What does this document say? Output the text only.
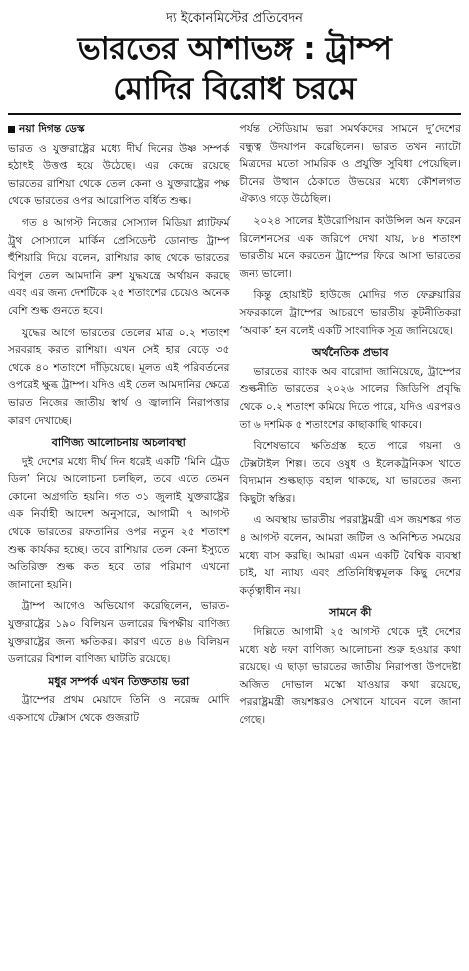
দ্য ইকোনমিস্টের প্রতিবেদন
ভারতের আশাভঙ্গ : ট্রাম্প
মোদির বিরোধ চরমে
নয়া দিগন্ত ডেস্ক

ভারত ও যুক্তরাষ্ট্রের মধ্যে দীর্ঘ দিনের উষ্ণ সম্পর্ক হঠাৎই উত্তপ্ত হয়ে উঠেছে। এর কেন্দ্রে রয়েছে ভারতের রাশিয়া থেকে তেল কেনা ও যুক্তরাষ্ট্রের পক্ষ থেকে ভারতের ওপর আরোপিত বর্ধিত শুল্ক।

গত ৪ আগস্ট নিজের সোস্যাল মিডিয়া প্ল্যাটফর্ম ট্রুথ সোস্যালে মার্কিন প্রেসিডেন্ট ডোনাল্ড ট্রাম্প হুঁশিয়ারি দিয়ে বলেন, রাশিয়ার কাছ থেকে ভারতের বিপুল তেল আমদানি রুশ যুদ্ধযন্ত্রে অর্থায়ন করছে এবং এর জন্য দেশটিকে ২৫ শতাংশের চেয়েও অনেক বেশি শুল্ক গুনতে হবে।

যুদ্ধের আগে ভারতের তেলের মাত্র ০.২ শতাংশ সরবরাহ করত রাশিয়া। এখন সেই হার বেড়ে ৩৫ থেকে ৪০ শতাংশে দাঁড়িয়েছে। মূলত এই পরিবর্তনের ওপরেই ক্ষুব্ধ ট্রাম্প। যদিও এই তেল আমদানির ক্ষেত্রে ভারত নিজের জাতীয় স্বার্থ ও জ্বালানি নিরাপত্তার কারণ দেখাচ্ছে।

বাণিজ্য আলোচনায় অচলাবস্থা

দুই দেশের মধ্যে দীর্ঘ দিন ধরেই একটি ‘মিনি ট্রেড ডিল’ নিয়ে আলোচনা চলছিল, তবে এতে তেমন কোনো অগ্রগতি হয়নি। গত ৩১ জুলাই যুক্তরাষ্ট্রের এক নির্বাহী আদেশ অনুসারে, আগামী ৭ আগস্ট থেকে ভারতের রফতানির ওপর নতুন ২৫ শতাংশ শুল্ক কার্যকর হচ্ছে। তবে রাশিয়ার তেল কেনা ইস্যুতে অতিরিক্ত শুল্ক কত হবে তার পরিমাণ এখনো জানানো হয়নি।

ট্রাম্প আগেও অভিযোগ করেছিলেন, ভারত-যুক্তরাষ্ট্রের ১৯০ বিলিয়ন ডলারের দ্বিপক্ষীয় বাণিজ্য যুক্তরাষ্ট্রের জন্য ক্ষতিকর। কারণ এতে ৪৬ বিলিয়ন ডলারের বিশাল বাণিজ্য ঘাটতি রয়েছে।

মধুর সম্পর্ক এখন তিক্ততায় ভরা

ট্রাম্পের প্রথম মেয়াদে তিনি ও নরেন্দ্র মোদি একসাথে টেক্সাস থেকে গুজরাট

পর্যন্ত স্টেডিয়াম ভরা সমর্থকদের সামনে দু’দেশের বন্ধুত্ব উদযাপন করেছিলেন। ভারত তখন ন্যাটো মিত্রদের মতো সামরিক ও প্রযুক্তি সুবিধা পেয়েছিল। চীনের উত্থান ঠেকাতে উভয়ের মধ্যে কৌশলগত ঐক্যও গড়ে উঠেছিল।

২০২৪ সালের ইউরোপিয়ান কাউন্সিল অন ফরেন রিলেশনসের এক জরিপে দেখা যায়, ৮৪ শতাংশ ভারতীয় মনে করতেন ট্রাম্পের ফিরে আসা ভারতের জন্য ভালো।

কিন্তু হোয়াইট হাউজে মোদির গত ফেব্রুয়ারির সফরকালে ট্রাম্পের আচরণে ভারতীয় কূটনীতিকরা ‘অবাক’ হন বলেই একটি সাংবাদিক সূত্র জানিয়েছে।

অর্থনৈতিক প্রভাব

ভারতের ব্যাংক অব বারোদা জানিয়েছে, ট্রাম্পের শুল্কনীতি ভারতের ২০২৬ সালের জিডিপি প্রবৃদ্ধি থেকে ০.২ শতাংশ কমিয়ে দিতে পারে, যদিও এরপরও তা ৬ দশমিক ৫ শতাংশের কাছাকাছি থাকবে।

বিশেষভাবে ক্ষতিগ্রস্ত হতে পারে গয়না ও টেক্সটাইল শিল্প। তবে ওষুধ ও ইলেকট্রনিকস খাতে বিদ্যমান শুল্কছাড় বহাল থাকছে, যা ভারতের জন্য কিছুটা স্বস্তির।

এ অবস্থায় ভারতীয় পররাষ্ট্রমন্ত্রী এস জয়শঙ্কর গত ৪ আগস্ট বলেন, আমরা জটিল ও অনিশ্চিত সময়ের মধ্যে বাস করছি। আমরা এমন একটি বৈশ্বিক ব্যবস্থা চাই, যা ন্যায্য এবং প্রতিনিধিত্বমূলক কিছু দেশের কর্তৃত্বাধীন নয়।

সামনে কী

দিল্লিতে আগামী ২৫ আগস্ট থেকে দুই দেশের মধ্যে ষষ্ঠ দফা বাণিজ্য আলোচনা শুরু হওয়ার কথা রয়েছে। এ ছাড়া ভারতের জাতীয় নিরাপত্তা উপদেষ্টা অজিত দোভাল মস্কো যাওয়ার কথা রয়েছে, পররাষ্ট্রমন্ত্রী জয়শঙ্করও সেখানে যাবেন বলে জানা গেছে।
